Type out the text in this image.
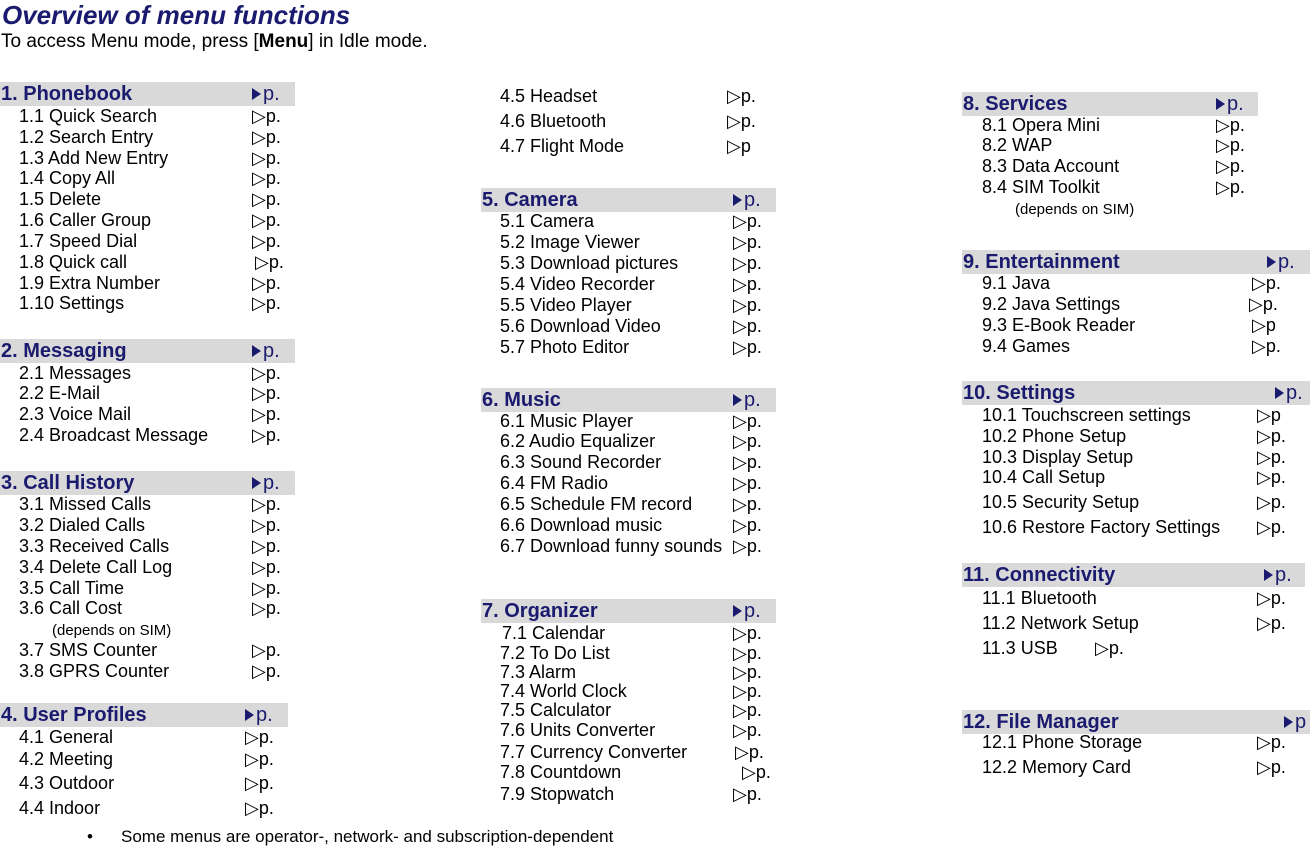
Overview of menu functions
To access Menu mode, press [Menu] in Idle mode.
1. Phonebook	p.
1.1 Quick Search	▷p.
1.2 Search Entry	▷p.
1.3 Add New Entry	▷p.
1.4 Copy All	▷p.
1.5 Delete	▷p.
1.6 Caller Group	▷p.
1.7 Speed Dial	▷p.
1.8 Quick call	▷p.
1.9 Extra Number	▷p.
1.10 Settings	▷p.
2. Messaging	p.
2.1 Messages	▷p.
2.2 E-Mail	▷p.
2.3 Voice Mail	▷p.
2.4 Broadcast Message ▷p.
3. Call History	p.
3.1 Missed Calls	▷p.
3.2 Dialed Calls	▷p.
3.3 Received Calls	▷p.
3.4 Delete Call Log	▷p.
3.5 Call Time	▷p.
3.6 Call Cost	▷p.
(depends on SIM)
3.7 SMS Counter	▷p.
3.8 GPRS Counter	▷p.
4. User Profiles	p.
4.1 General	▷p.
4.2 Meeting	▷p.
4.3 Outdoor	▷p.
4.4 Indoor	▷p.
4.5 Headset	▷p.
4.6 Bluetooth	▷p.
4.7 Flight Mode	▷p
5. Camera	p.
5.1 Camera	▷p.
5.2 Image Viewer	▷p.
5.3 Download pictures	▷p.
5.4 Video Recorder	▷p.
5.5 Video Player	▷p.
5.6 Download Video	▷p.
5.7 Photo Editor	▷p.
6. Music	p.
6.1 Music Player	▷p.
6.2 Audio Equalizer	▷p.
6.3 Sound Recorder	▷p.
6.4 FM Radio	▷p.
6.5 Schedule FM record ▷p.
6.6 Download music	▷p.
6.7 Download funny sounds ▷p.
7. Organizer	p.
7.1 Calendar	▷p.
7.2 To Do List	▷p.
7.3 Alarm	▷p.
7.4 World Clock	▷p.
7.5 Calculator	▷p.
7.6 Units Converter	▷p.
7.7 Currency Converter	▷p.
7.8 Countdown	▷p.
7.9 Stopwatch	▷p.
8. Services	p.
8.1 Opera Mini	▷p.
8.2 WAP	▷p.
8.3 Data Account	▷p.
8.4 SIM Toolkit	▷p.
(depends on SIM)
9. Entertainment	p.
9.1 Java	▷p.
9.2 Java Settings	▷p.
9.3 E-Book Reader	▷p
9.4 Games	▷p.
10. Settings	p.
10.1 Touchscreen settings	▷p
10.2 Phone Setup	▷p.
10.3 Display Setup	▷p.
10.4 Call Setup	▷p.
10.5 Security Setup	▷p.
10.6 Restore Factory Settings ▷p.
11. Connectivity	p.
11.1 Bluetooth	▷p.
11.2 Network Setup	▷p.
11.3 USB ▷p.
12. File Manager	p
12.1 Phone Storage	▷p.
12.2 Memory Card	▷p.
• Some menus are operator-, network- and subscription-dependent
